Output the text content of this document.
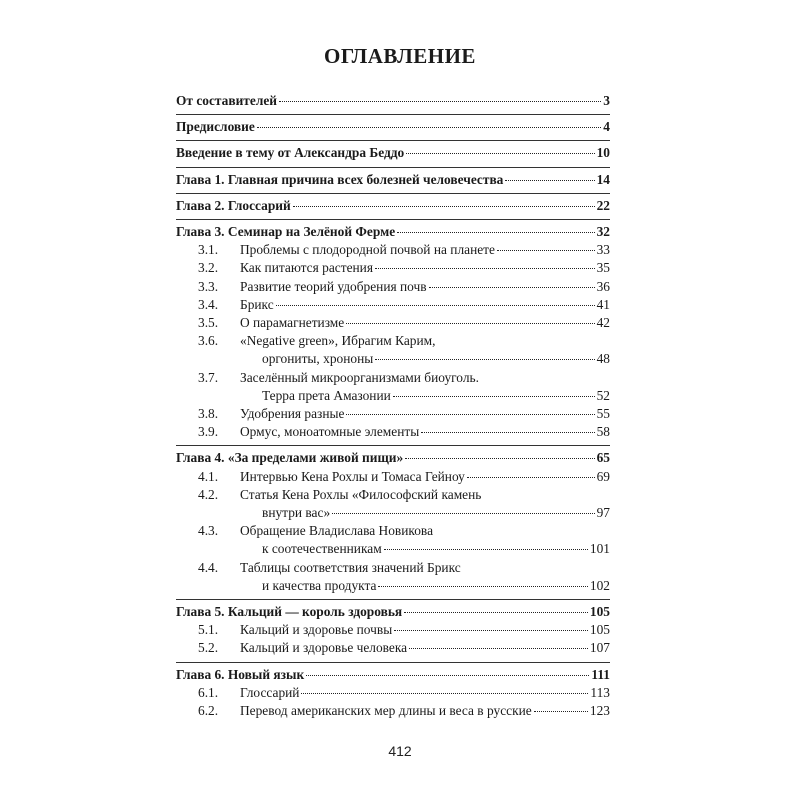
ОГЛАВЛЕНИЕ
От составителей	3
Предисловие	4
Введение в тему от Александра Беддо	10
Глава 1. Главная причина всех болезней человечества	14
Глава 2. Глоссарий	22
Глава 3. Семинар на Зелёной Ферме	32
3.1.	Проблемы с плодородной почвой на планете	33
3.2.	Как питаются растения	35
3.3.	Развитие теорий удобрения почв	36
3.4.	Брикс	41
3.5.	О парамагнетизме	42
3.6.	«Negative green», Ибрагим Карим,
оргониты, хрононы	48
3.7.	Заселённый микроорганизмами биоуголь.
Терра прета Амазонии	52
3.8.	Удобрения разные	55
3.9.	Ормус, моноатомные элементы	58
Глава 4. «За пределами живой пищи»	65
4.1.	Интервью Кена Рохлы и Томаса Гейноу	69
4.2.	Статья Кена Рохлы «Философский камень
внутри вас»	97
4.3.	Обращение Владислава Новикова
к соотечественникам	101
4.4.	Таблицы соответствия значений Брикс
и качества продукта	102
Глава 5. Кальций — король здоровья	105
5.1.	Кальций и здоровье почвы	105
5.2.	Кальций и здоровье человека	107
Глава 6. Новый язык	111
6.1.	Глоссарий	113
6.2.	Перевод американских мер длины и веса в русские	123
412
